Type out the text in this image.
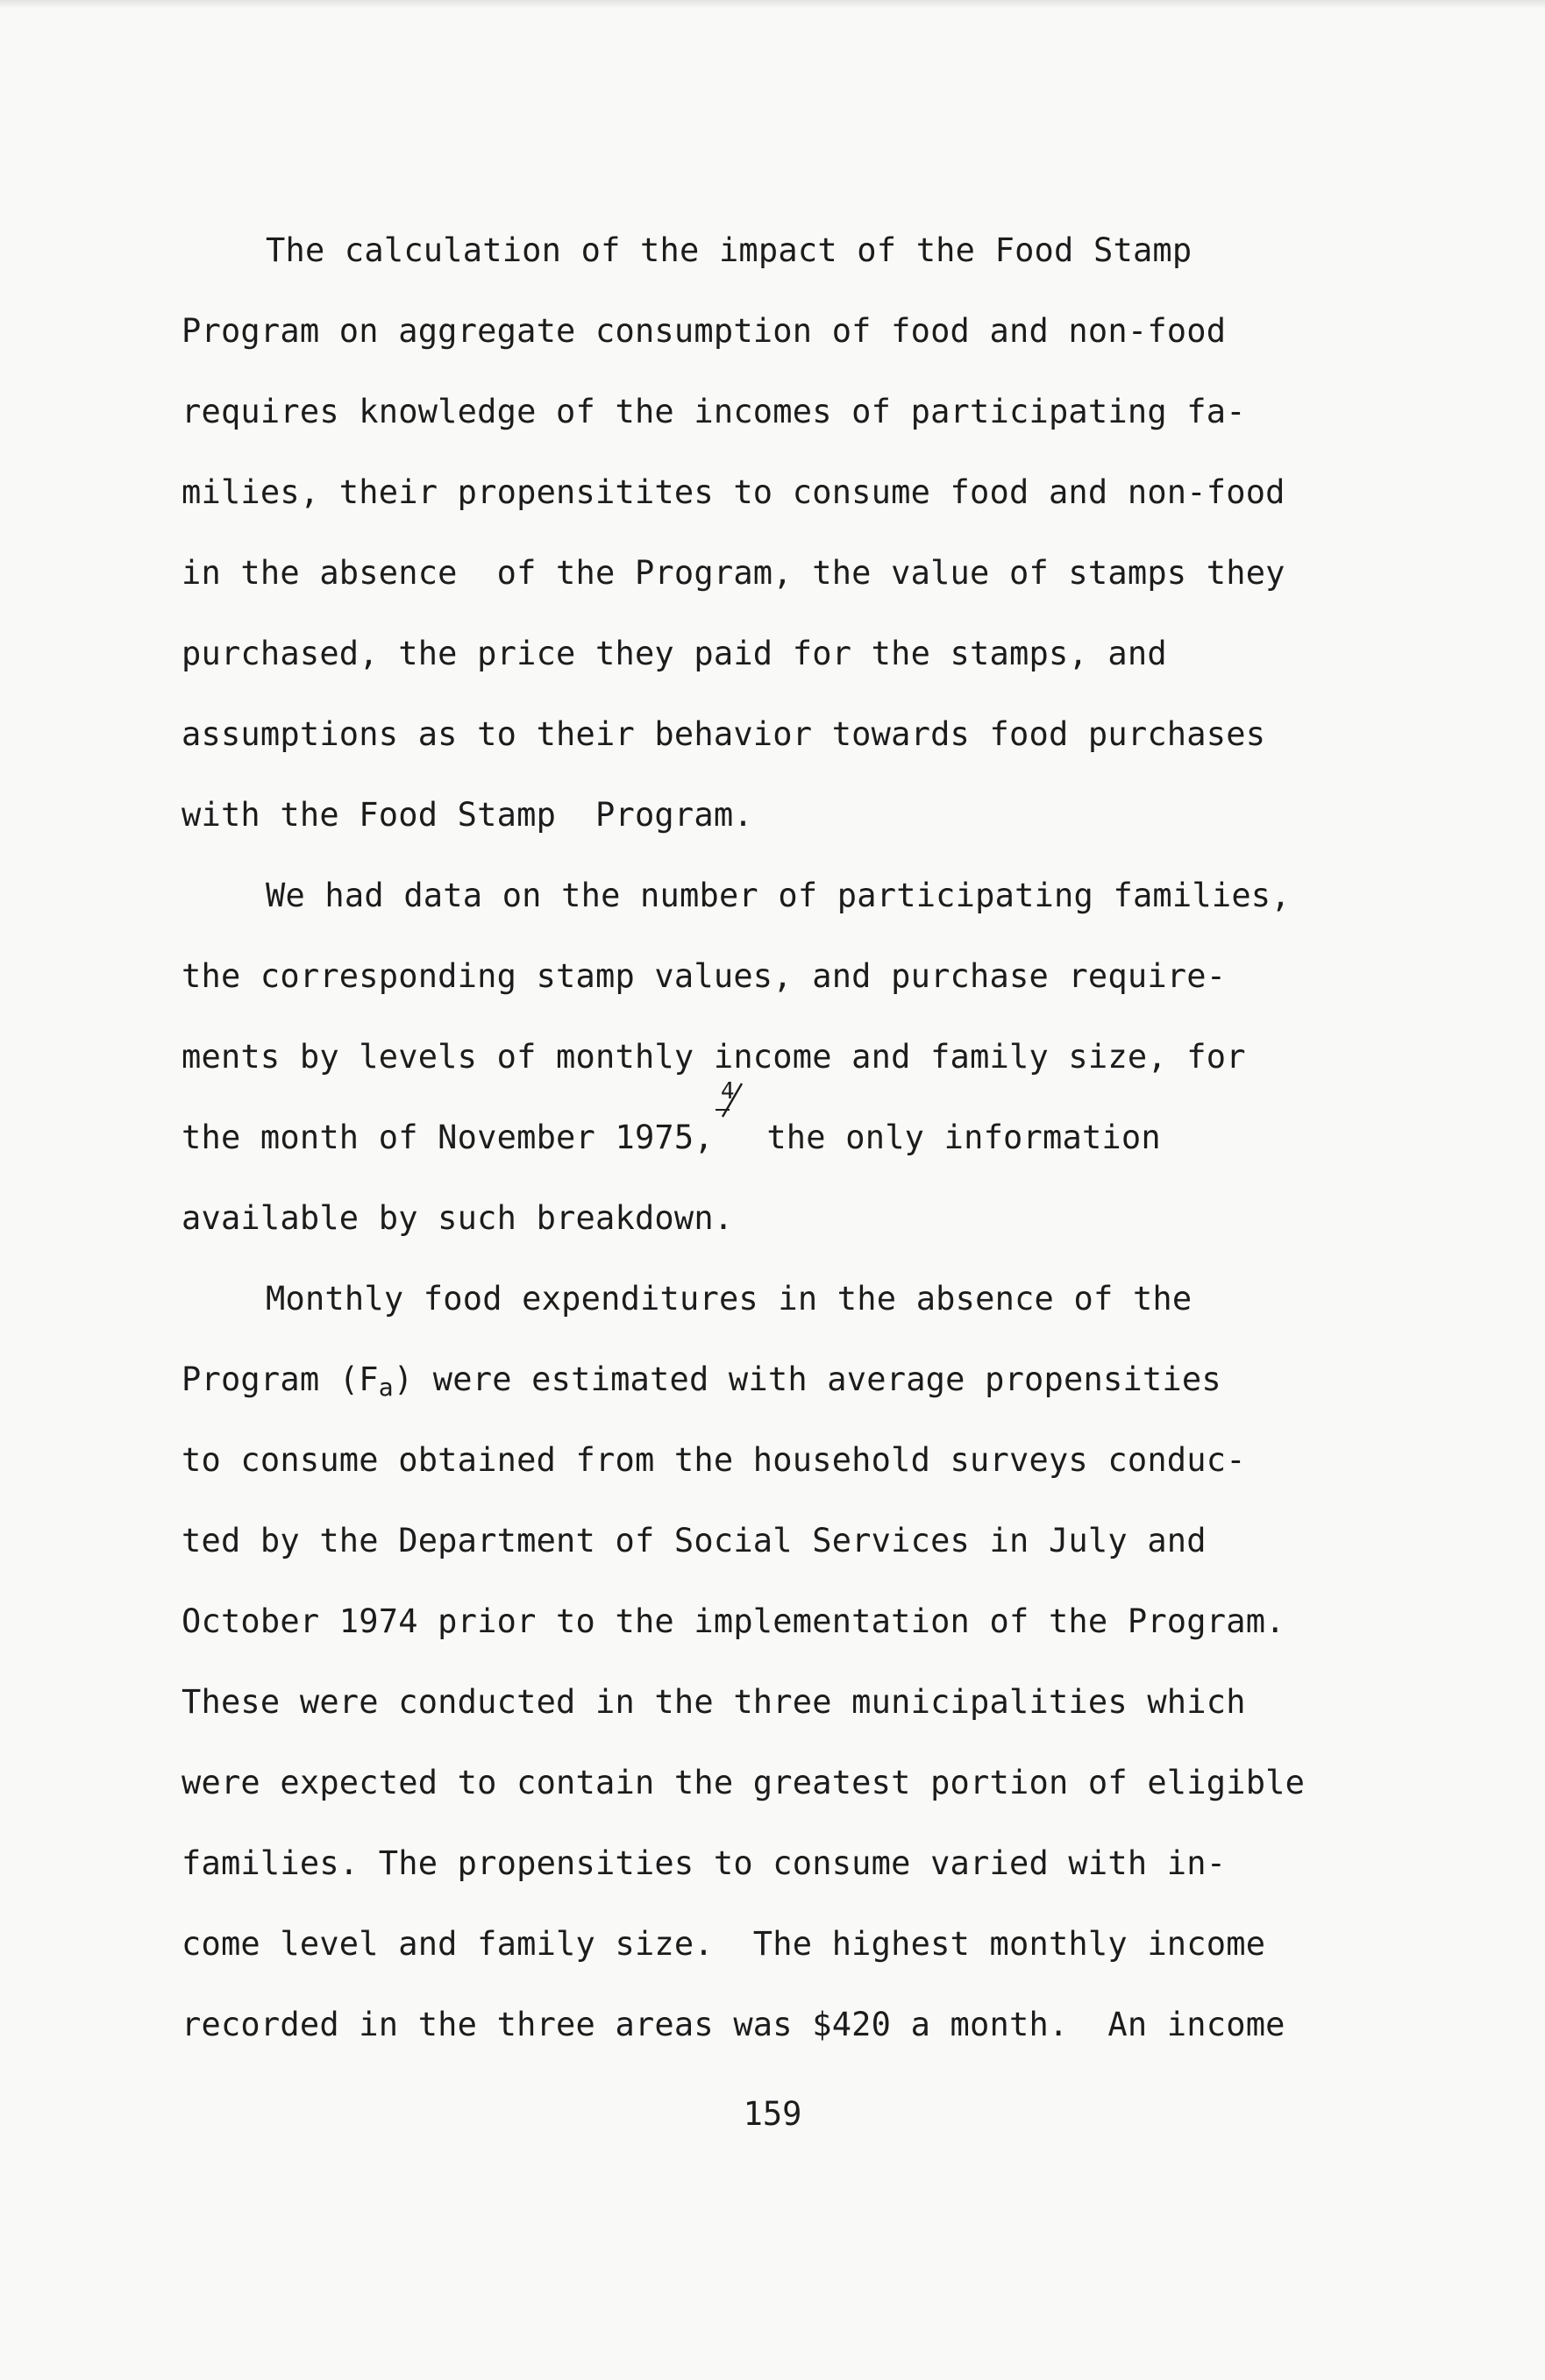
The calculation of the impact of the Food Stamp
Program on aggregate consumption of food and non-food
requires knowledge of the incomes of participating fa-
milies, their propensitites to consume food and non-food
in the absence  of the Program, the value of stamps they
purchased, the price they paid for the stamps, and
assumptions as to their behavior towards food purchases
with the Food Stamp  Program.
We had data on the number of participating families,
the corresponding stamp values, and purchase require-
ments by levels of monthly income and family size, for
the month of November 1975,
4
the only information
available by such breakdown.
Monthly food expenditures in the absence of the
Program $(F_a)$ were estimated with average propensities
to consume obtained from the household surveys conduc-
ted by the Department of Social Services in July and
October 1974 prior to the implementation of the Program.
These were conducted in the three municipalities which
were expected to contain the greatest portion of eligible
families. The propensities to consume varied with in-
come level and family size.  The highest monthly income
recorded in the three areas was $420 a month.  An income
159
